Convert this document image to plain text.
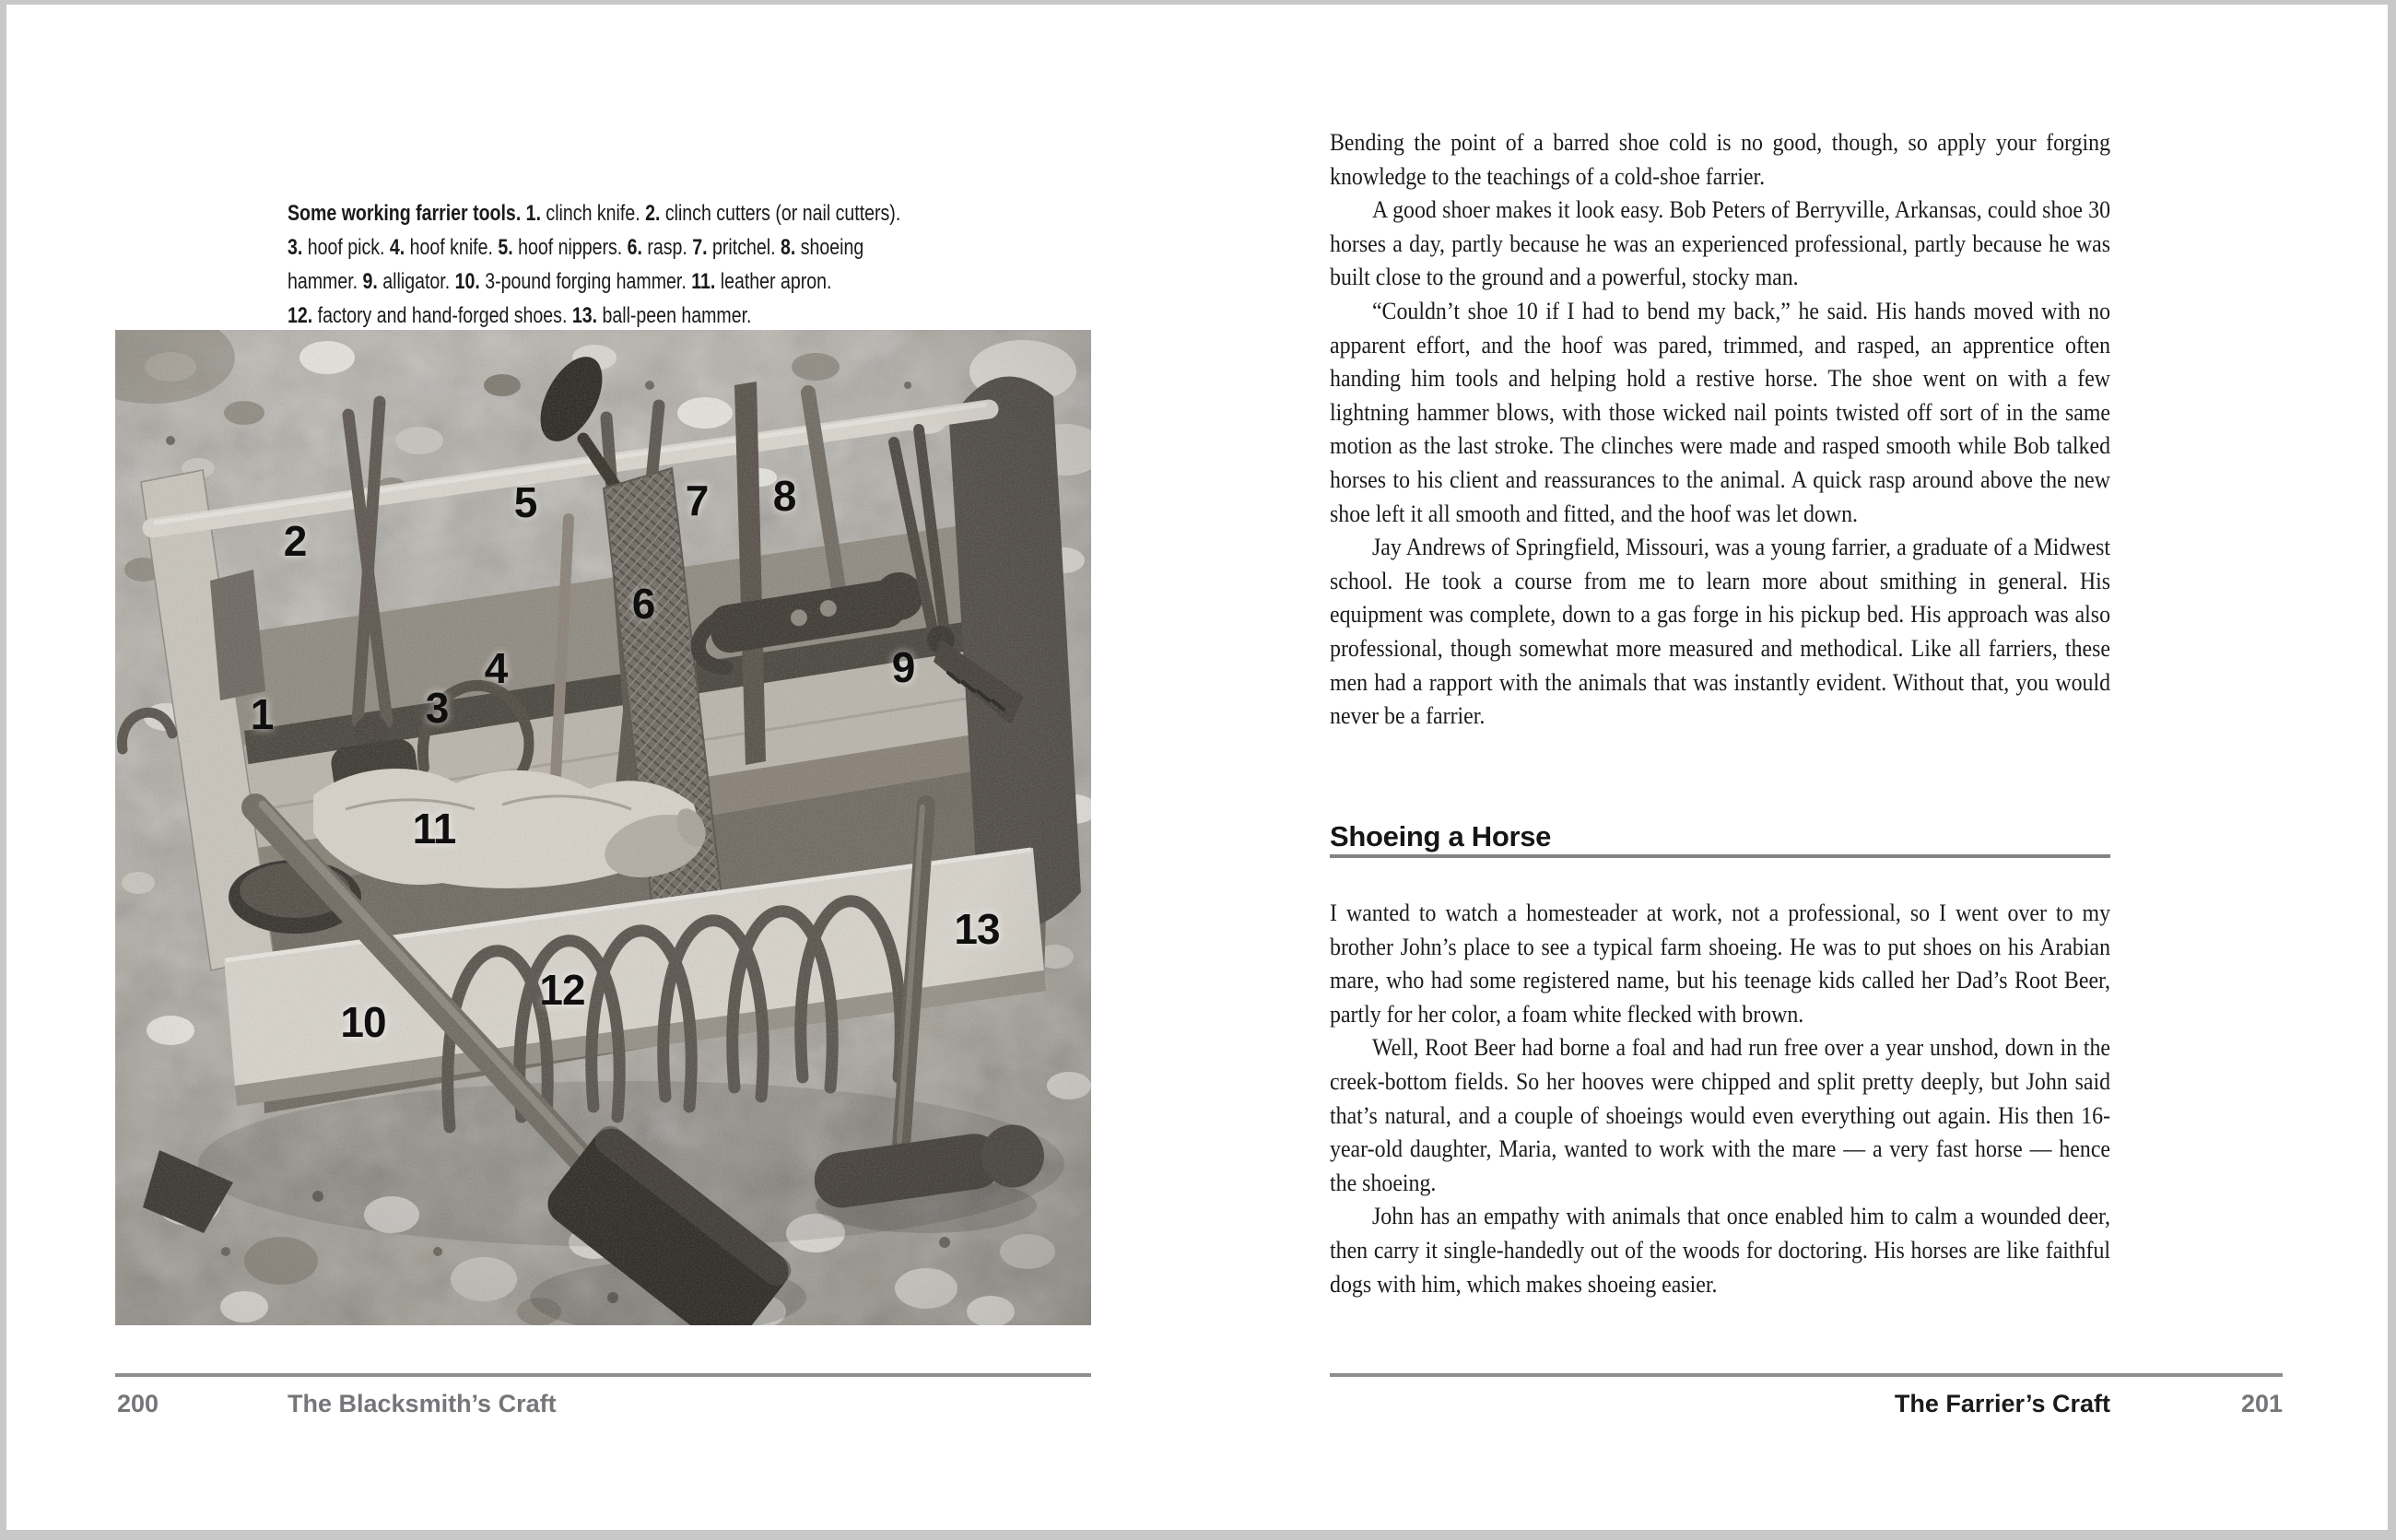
Some working farrier tools. 1. clinch knife. 2. clinch cutters (or nail cutters).
3. hoof pick. 4. hoof knife. 5. hoof nippers. 6. rasp. 7. pritchel. 8. shoeing
hammer. 9. alligator. 10. 3-pound forging hammer. 11. leather apron.
12. factory and hand-forged shoes. 13. ball-peen hammer.
1
2
3
4
5
6
7 8
9
10
11
12
13
200	The Blacksmith’s Craft

Bending the point of a barred shoe cold is no good, though, so apply your forging knowledge to the teachings of a cold-shoe farrier.

A good shoer makes it look easy. Bob Peters of Berryville, Arkansas, could shoe 30 horses a day, partly because he was an experienced professional, partly because he was built close to the ground and a powerful, stocky man.

“Couldn’t shoe 10 if I had to bend my back,” he said. His hands moved with no apparent effort, and the hoof was pared, trimmed, and rasped, an apprentice often handing him tools and helping hold a restive horse. The shoe went on with a few lightning hammer blows, with those wicked nail points twisted off sort of in the same motion as the last stroke. The clinches were made and rasped smooth while Bob talked horses to his client and reassurances to the animal. A quick rasp around above the new shoe left it all smooth and fitted, and the hoof was let down.

Jay Andrews of Springfield, Missouri, was a young farrier, a graduate of a Midwest school. He took a course from me to learn more about smithing in general. His equipment was complete, down to a gas forge in his pickup bed. His approach was also professional, though somewhat more measured and methodical. Like all farriers, these men had a rapport with the animals that was instantly evident. Without that, you would never be a farrier.

Shoeing a Horse

I wanted to watch a homesteader at work, not a professional, so I went over to my brother John’s place to see a typical farm shoeing. He was to put shoes on his Arabian mare, who had some registered name, but his teenage kids called her Dad’s Root Beer, partly for her color, a foam white flecked with brown.

Well, Root Beer had borne a foal and had run free over a year unshod, down in the creek-bottom fields. So her hooves were chipped and split pretty deeply, but John said that’s natural, and a couple of shoeings would even everything out again. His then 16-year-old daughter, Maria, wanted to work with the mare — a very fast horse — hence the shoeing.

John has an empathy with animals that once enabled him to calm a wounded deer, then carry it single-handedly out of the woods for doctoring. His horses are like faithful dogs with him, which makes shoeing easier.

The Farrier’s Craft	201
